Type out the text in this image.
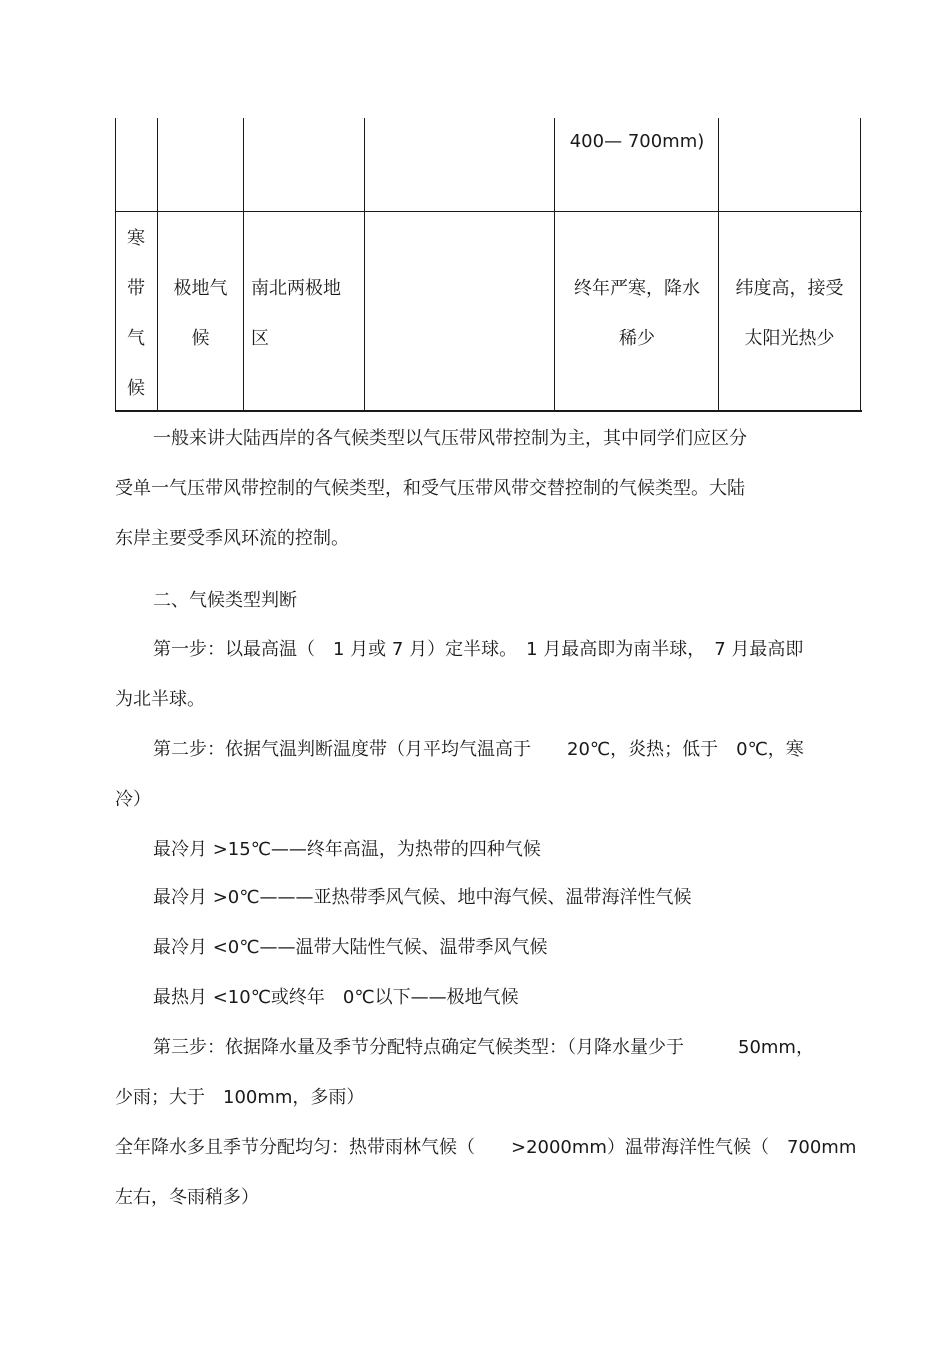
400— 700mm)
寒
带
气
候
极地气
候
南北两极地
区
终年严寒，降水
稀少
纬度高，接受
太阳光热少
一般来讲大陆西岸的各气候类型以气压带风带控制为主，其中同学们应区分
受单一气压带风带控制的气候类型，和受气压带风带交替控制的气候类型。大陆
东岸主要受季风环流的控制。
二、气候类型判断
第一步：以最高温（　1 月或 7 月）定半球。　1 月最高即为南半球，　7 月最高即
为北半球。
第二步：依据气温判断温度带（月平均气温高于　　20℃，炎热；低于　0℃，寒
冷）
最冷月 >15℃——终年高温，为热带的四种气候
最冷月 >0℃———亚热带季风气候、地中海气候、温带海洋性气候
最冷月 <0℃——温带大陆性气候、温带季风气候
最热月 <10℃或终年　0℃以下——极地气候
第三步：依据降水量及季节分配特点确定气候类型：（月降水量少于　　　50mm，
少雨；大于　100mm，多雨）
全年降水多且季节分配均匀：热带雨林气候（　　>2000mm）温带海洋性气候（　700mm
左右，冬雨稍多）
